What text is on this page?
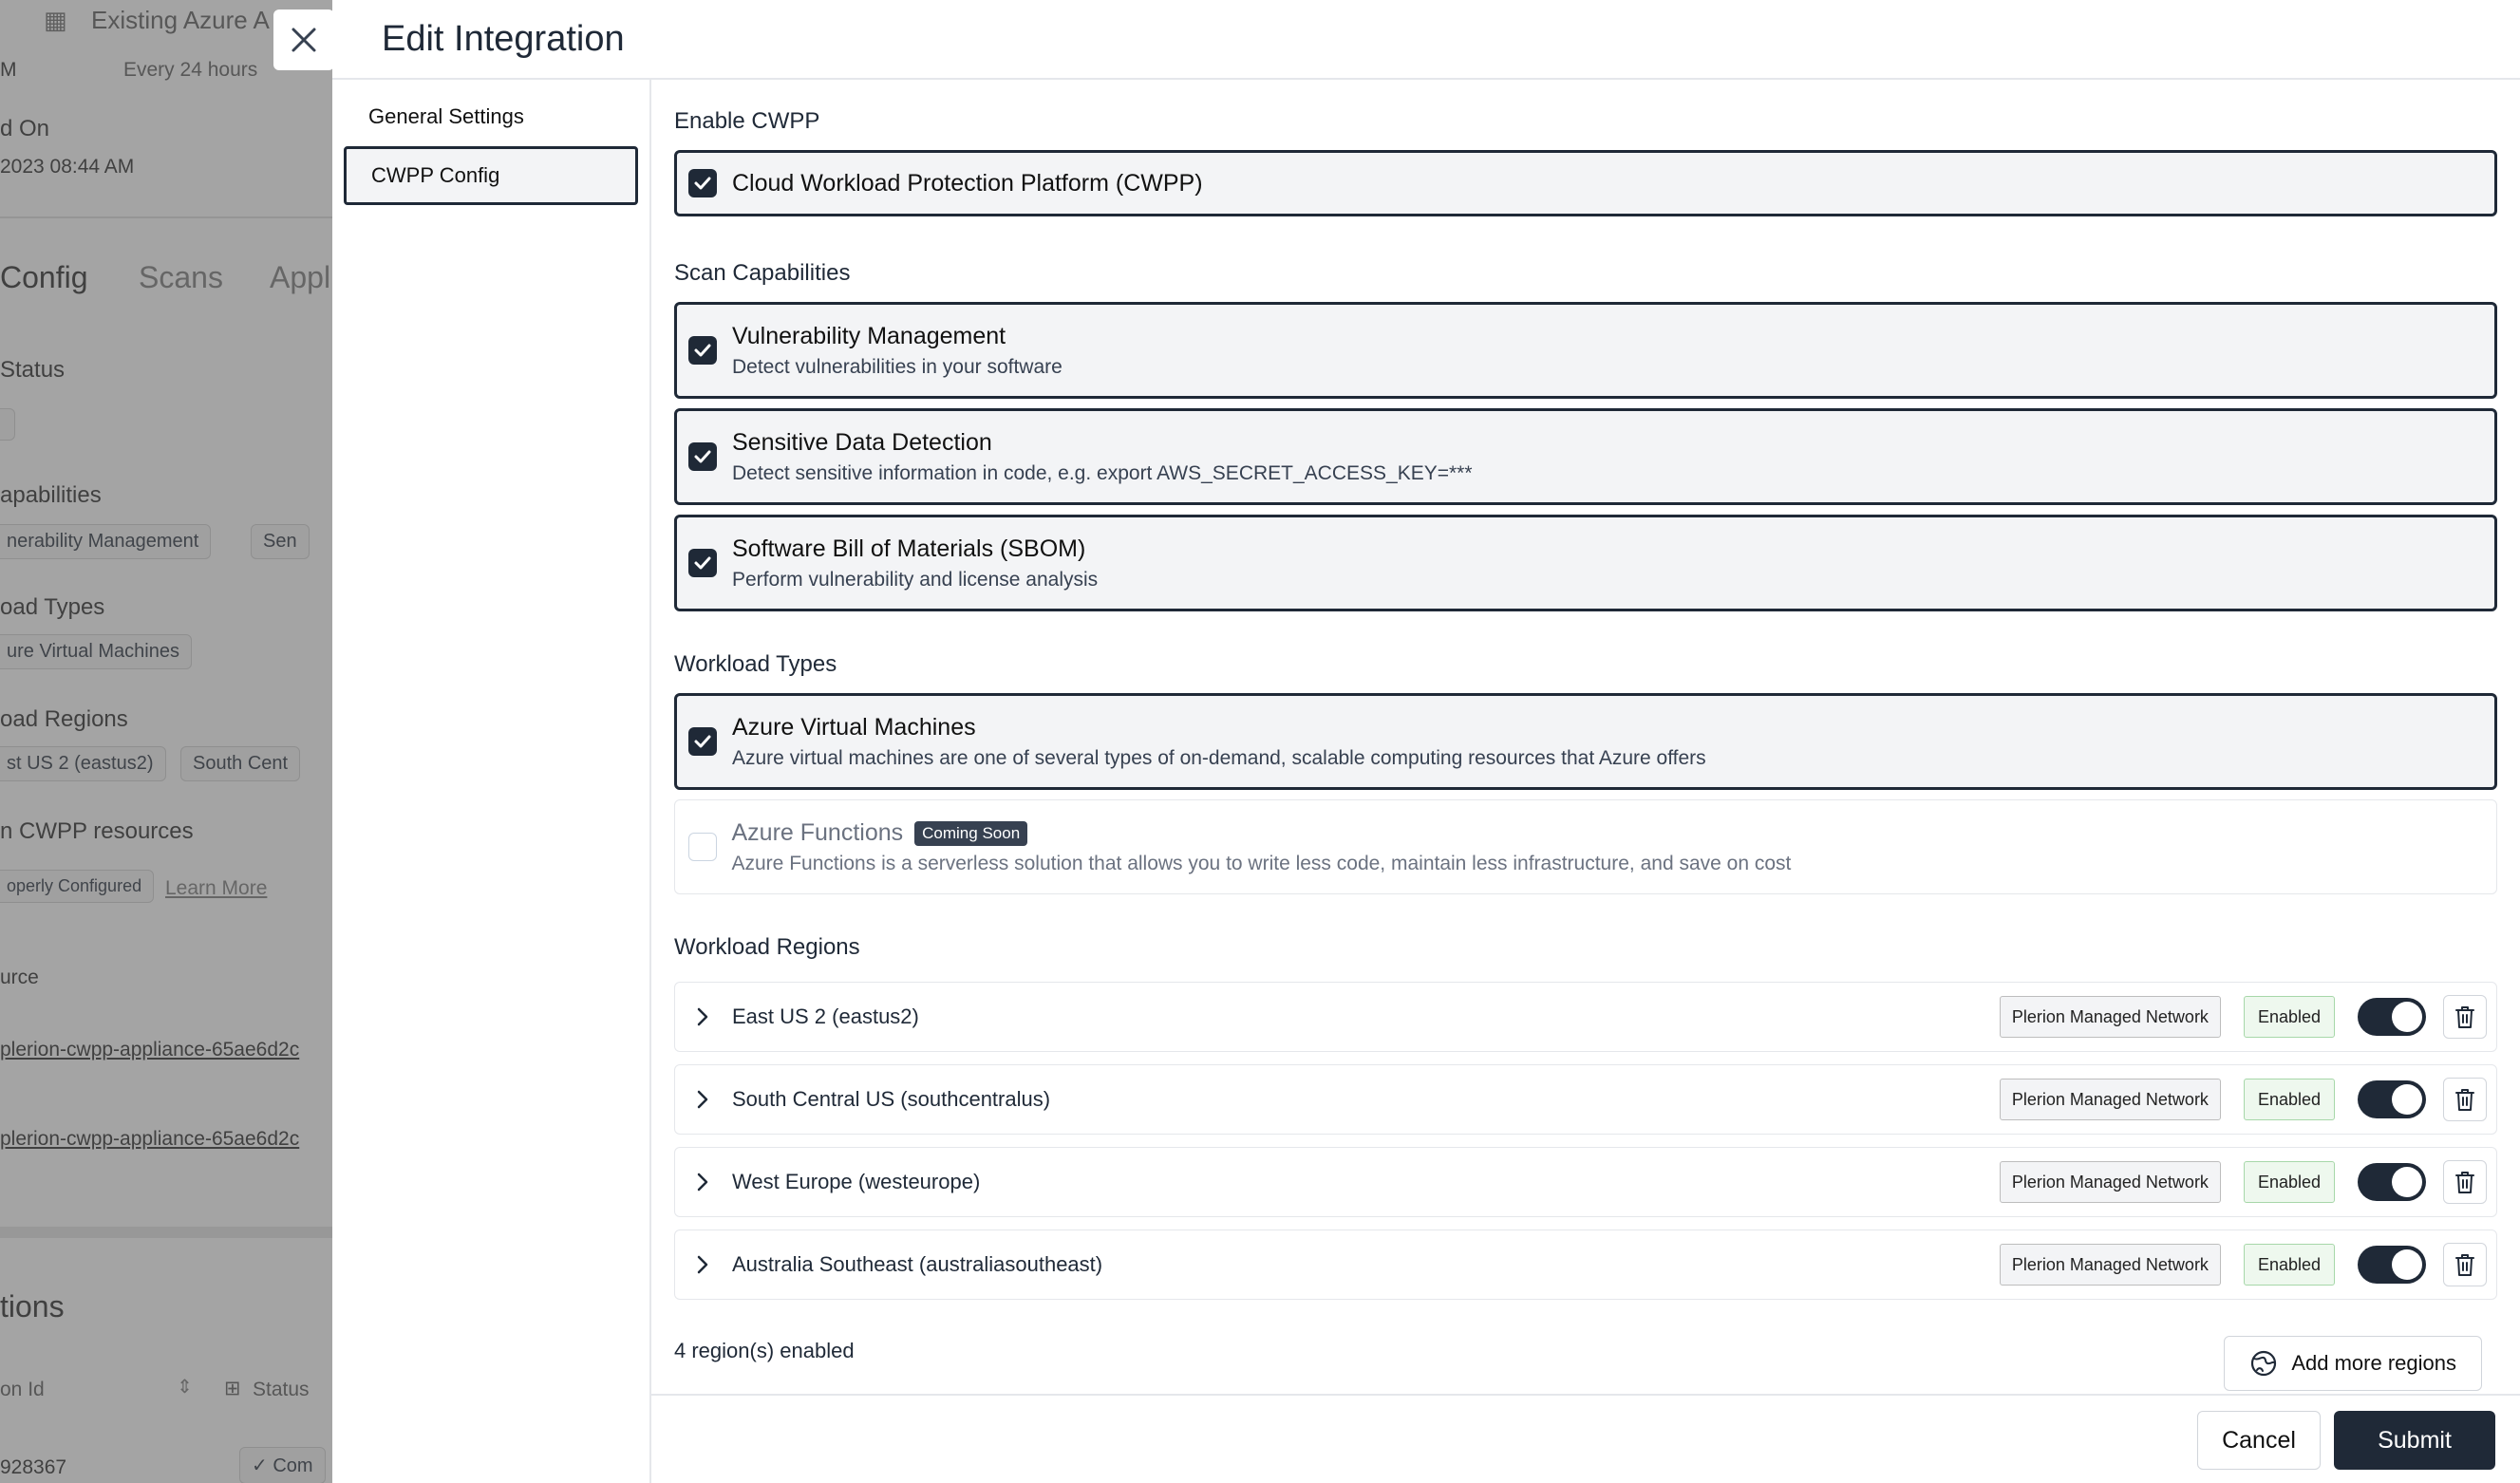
Edit Integration
General Settings
CWPP Config
Enable CWPP
Cloud Workload Protection Platform (CWPP)
Scan Capabilities
Vulnerability Management
Detect vulnerabilities in your software
Sensitive Data Detection
Detect sensitive information in code, e.g. export AWS_SECRET_ACCESS_KEY=***
Software Bill of Materials (SBOM)
Perform vulnerability and license analysis
Workload Types
Azure Virtual Machines
Azure virtual machines are one of several types of on-demand, scalable computing resources that Azure offers
Azure Functions Coming Soon
Azure Functions is a serverless solution that allows you to write less code, maintain less infrastructure, and save on cost
Workload Regions
East US 2 (eastus2)	Plerion Managed Network	Enabled
South Central US (southcentralus)	Plerion Managed Network	Enabled
West Europe (westeurope)	Plerion Managed Network	Enabled
Australia Southeast (australiasoutheast)	Plerion Managed Network	Enabled
4 region(s) enabled
Add more regions
Cancel	Submit
